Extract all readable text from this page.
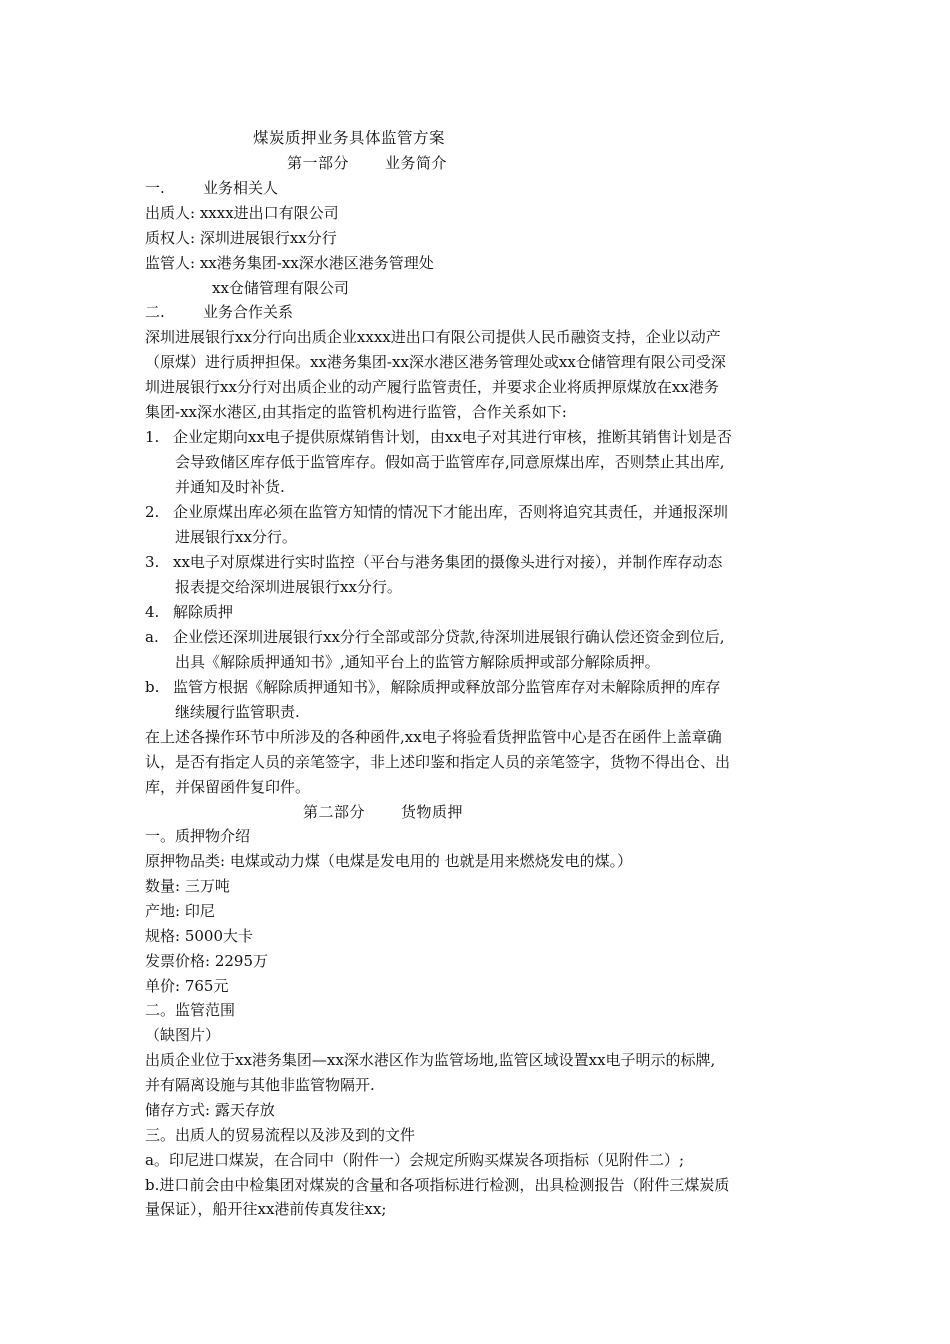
煤炭质押业务具体监管方案
第一部分 业务简介
一.	业务相关人
出质人: xxxx进出口有限公司
质权人: 深圳进展银行xx分行
监管人: xx港务集团-xx深水港区港务管理处
xx仓储管理有限公司
二.	业务合作关系
深圳进展银行xx分行向出质企业xxxx进出口有限公司提供人民币融资支持，企业以动产
（原煤）进行质押担保。xx港务集团-xx深水港区港务管理处或xx仓储管理有限公司受深
圳进展银行xx分行对出质企业的动产履行监管责任，并要求企业将质押原煤放在xx港务
集团-xx深水港区,由其指定的监管机构进行监管，合作关系如下:
1. 企业定期向xx电子提供原煤销售计划，由xx电子对其进行审核，推断其销售计划是否
会导致储区库存低于监管库存。假如高于监管库存,同意原煤出库，否则禁止其出库,
并通知及时补货.
2. 企业原煤出库必须在监管方知情的情况下才能出库，否则将追究其责任，并通报深圳
进展银行xx分行。
3. xx电子对原煤进行实时监控（平台与港务集团的摄像头进行对接），并制作库存动态
报表提交给深圳进展银行xx分行。
4. 解除质押
a. 企业偿还深圳进展银行xx分行全部或部分贷款,待深圳进展银行确认偿还资金到位后,
出具《解除质押通知书》,通知平台上的监管方解除质押或部分解除质押。
b. 监管方根据《解除质押通知书》，解除质押或释放部分监管库存对未解除质押的库存
继续履行监管职责.
在上述各操作环节中所涉及的各种函件,xx电子将验看货押监管中心是否在函件上盖章确
认，是否有指定人员的亲笔签字，非上述印鉴和指定人员的亲笔签字，货物不得出仓、出
库，并保留函件复印件。
第二部分 货物质押
一。质押物介绍
原押物品类: 电煤或动力煤（电煤是发电用的 也就是用来燃烧发电的煤。）
数量: 三万吨
产地: 印尼
规格: 5000大卡
发票价格: 2295万
单价: 765元
二。监管范围
（缺图片）
出质企业位于xx港务集团—xx深水港区作为监管场地,监管区域设置xx电子明示的标牌,
并有隔离设施与其他非监管物隔开.
储存方式: 露天存放
三。出质人的贸易流程以及涉及到的文件
a。印尼进口煤炭，在合同中（附件一）会规定所购买煤炭各项指标（见附件二）;
b.进口前会由中检集团对煤炭的含量和各项指标进行检测，出具检测报告（附件三煤炭质
量保证），船开往xx港前传真发往xx;
